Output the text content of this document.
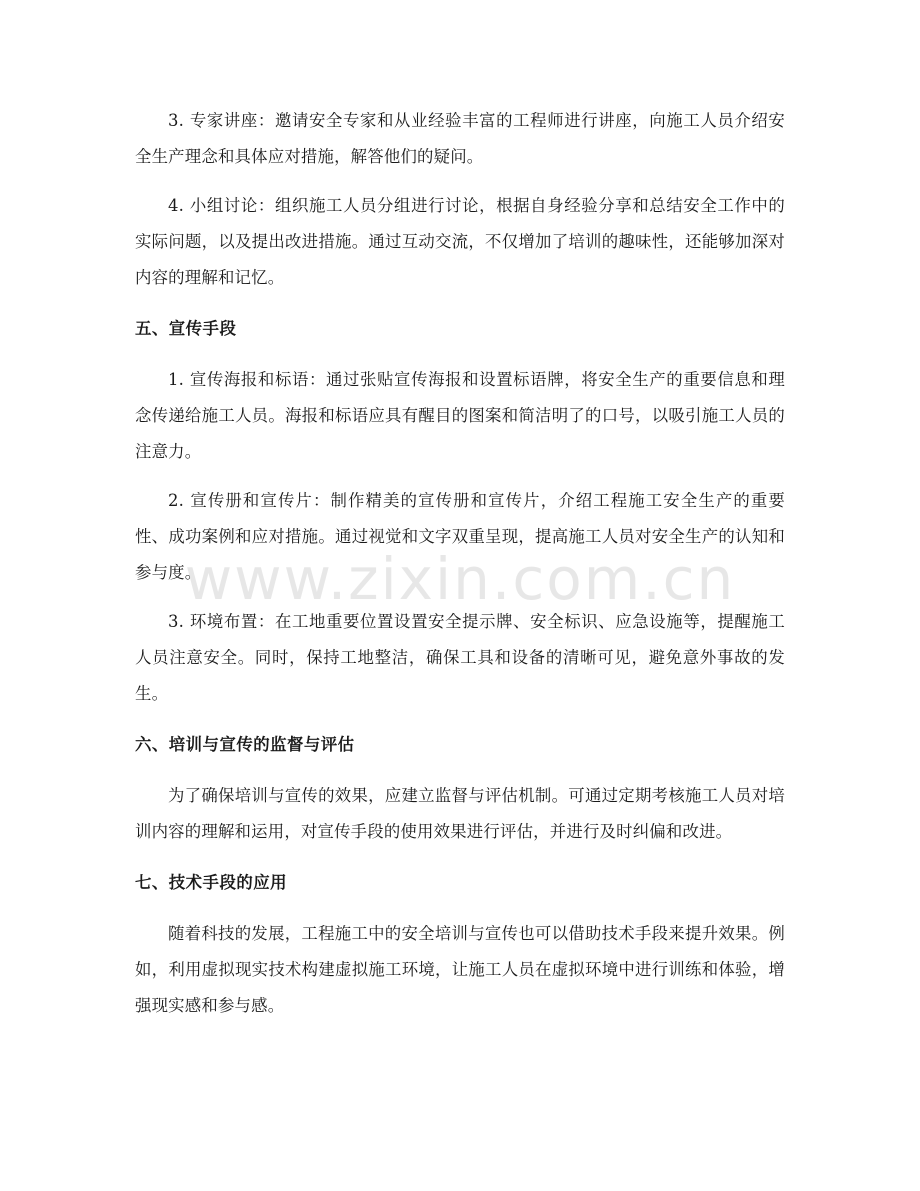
3. 专家讲座：邀请安全专家和从业经验丰富的工程师进行讲座，向施工人员介绍安全生产理念和具体应对措施，解答他们的疑问。

4. 小组讨论：组织施工人员分组进行讨论，根据自身经验分享和总结安全工作中的实际问题，以及提出改进措施。通过互动交流，不仅增加了培训的趣味性，还能够加深对内容的理解和记忆。

五、宣传手段

1. 宣传海报和标语：通过张贴宣传海报和设置标语牌，将安全生产的重要信息和理念传递给施工人员。海报和标语应具有醒目的图案和简洁明了的口号，以吸引施工人员的注意力。

2. 宣传册和宣传片：制作精美的宣传册和宣传片，介绍工程施工安全生产的重要性、成功案例和应对措施。通过视觉和文字双重呈现，提高施工人员对安全生产的认知和参与度。

3. 环境布置：在工地重要位置设置安全提示牌、安全标识、应急设施等，提醒施工人员注意安全。同时，保持工地整洁，确保工具和设备的清晰可见，避免意外事故的发生。

六、培训与宣传的监督与评估

为了确保培训与宣传的效果，应建立监督与评估机制。可通过定期考核施工人员对培训内容的理解和运用，对宣传手段的使用效果进行评估，并进行及时纠偏和改进。

七、技术手段的应用

随着科技的发展，工程施工中的安全培训与宣传也可以借助技术手段来提升效果。例如，利用虚拟现实技术构建虚拟施工环境，让施工人员在虚拟环境中进行训练和体验，增强现实感和参与感。

www.zixin.com.cn
